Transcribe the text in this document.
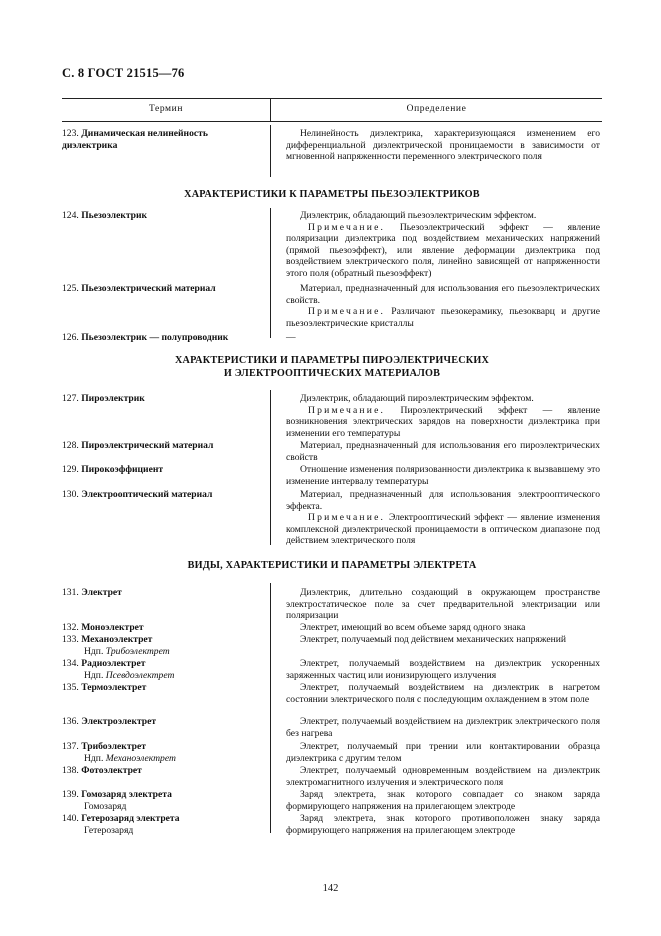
С. 8 ГОСТ 21515—76
Термин	Определение
123. Динамическая нелинейность диэлектрика

Нелинейность диэлектрика, характеризующаяся изменением его дифференциальной диэлектрической проницаемости в зависимости от мгновенной напряженности переменного электрического поля

ХАРАКТЕРИСТИКИ К ПАРАМЕТРЫ ПЬЕЗОЭЛЕКТРИКОВ
124. Пьезоэлектрик	Диэлектрик, обладающий пьезоэлектрическим эффектом.

Примечание. Пьезоэлектрический эффект — явление поляризации диэлектрика под воздействием механических напряжений (прямой пьезоэффект), или явление деформации диэлектрика под воздействием электрического поля, линейно зависящей от напряженности этого поля (обратный пьезоэффект)

125. Пьезоэлектрический материал	Материал, предназначенный для использования его пьезоэлектрических свойств.

Примечание. Различают пьезокерамику, пьезокварц и другие пьезоэлектрические кристаллы

126. Пьезоэлектрик — полупроводник	—

ХАРАКТЕРИСТИКИ И ПАРАМЕТРЫ ПИРОЭЛЕКТРИЧЕСКИХ
И ЭЛЕКТРООПТИЧЕСКИХ МАТЕРИАЛОВ
127. Пироэлектрик	Диэлектрик, обладающий пироэлектрическим эффектом.

Примечание. Пироэлектрический эффект — явление возникновения электрических зарядов на поверхности диэлектрика при изменении его температуры

128. Пироэлектрический материал	Материал, предназначенный для использования его пироэлектрических свойств

129. Пирокоэффициент	Отношение изменения поляризованности диэлектрика к вызвавшему это изменение интервалу температуры

130. Электрооптический материал	Материал, предназначенный для использования электрооптического эффекта.

Примечание. Электрооптический эффект — явление изменения комплексной диэлектрической проницаемости в оптическом диапазоне под действием электрического поля

ВИДЫ, ХАРАКТЕРИСТИКИ И ПАРАМЕТРЫ ЭЛЕКТРЕТА
131. Электрет	Диэлектрик, длительно создающий в окружающем пространстве электростатическое поле за счет предварительной электризации или поляризации

132. Моноэлектрет	Электрет, имеющий во всем объеме заряд одного знака

133. Механоэлектрет
Ндп. Трибоэлектрет

Электрет, получаемый под действием механических напряжений

134. Радиоэлектрет
Ндп. Псевдоэлектрет

Электрет, получаемый воздействием на диэлектрик ускоренных заряженных частиц или ионизирующего излучения

135. Термоэлектрет	Электрет, получаемый воздействием на диэлектрик в нагретом состоянии электрического поля с последующим охлаждением в этом поле

136. Электроэлектрет	Электрет, получаемый воздействием на диэлектрик электрического поля без нагрева

137. Трибоэлектрет
Ндп. Механоэлектрет

Электрет, получаемый при трении или контактировании образца диэлектрика с другим телом

138. Фотоэлектрет	Электрет, получаемый одновременным воздействием на диэлектрик электромагнитного излучения и электрического поля

139. Гомозаряд электрета
Гомозаряд

Заряд электрета, знак которого совпадает со знаком заряда формирующего напряжения на прилегающем электроде

140. Гетерозаряд электрета
Гетерозаряд

Заряд электрета, знак которого противоположен знаку заряда формирующего напряжения на прилегающем электроде

142
